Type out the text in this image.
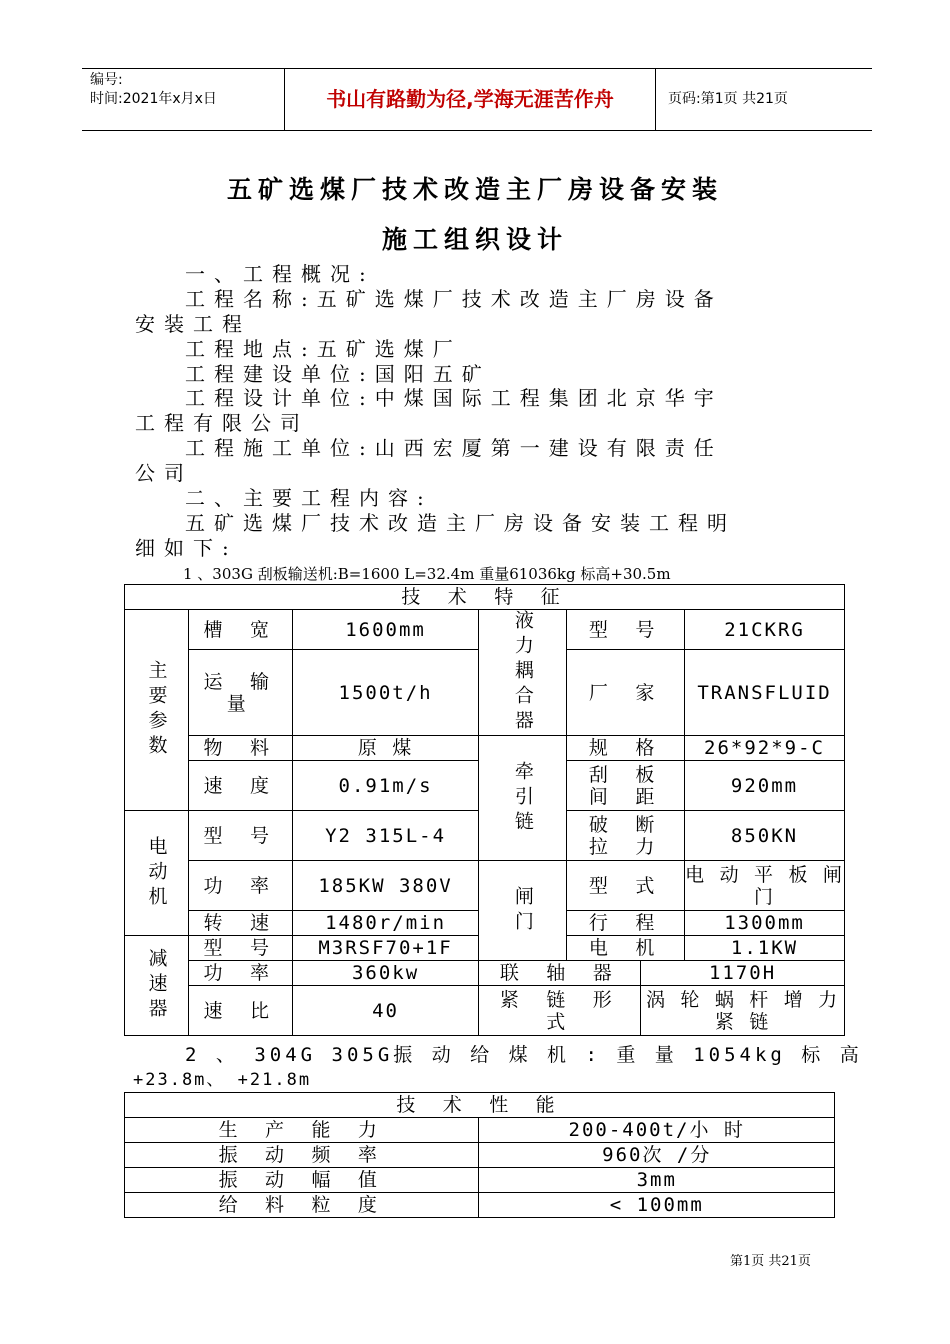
编号:
时间:2021年x月x日	书山有路勤为径,学海无涯苦作舟	页码:第1页 共21页
五矿选煤厂技术改造主厂房设备安装
施工组织设计
一、工程概况:
工程名称:五矿选煤厂技术改造主厂房设备
安装工程
工程地点:五矿选煤厂
工程建设单位:国阳五矿
工程设计单位:中煤国际工程集团北京华宇
工程有限公司
工程施工单位:山西宏厦第一建设有限责任
公司
二、主要工程内容:
五矿选煤厂技术改造主厂房设备安装工程明
细如下:
1 、303G 刮板输送机:B=1600 L=32.4m 重量61036kg 标高+30.5m
技 术 特 征						

主要参数	槽 宽	1600mm	液力耦合器	型 号		21CKRG
	运 输 量	1500t/h		厂 家		TRANSFLUID
	物 料	原 煤	牵引链	规 格		26*92*9-C
	速 度	0.91m/s		刮 板 间 距		920mm

电动机	型 号	Y2 315L-4		破 断 拉 力		850KN
	功 率	185KW 380V	闸门	型 式		电 动 平 板 闸 门
	转 速	1480r/min		行 程		1300mm

减速器	型 号	M3RSF70+1F		电 机		1.1KW
	功 率	360kw	联 轴 器		1170H	
	速 比	40	紧 链 形 式		涡 轮 蜗 杆 增 力 紧 链	
2 、 304G 305G振 动 给 煤 机 : 重 量 1054kg 标 高
+23.8m、 +21.8m
技 术 性 能	
生 产 能 力	200-400t/小 时
振 动 频 率	960次 /分
振 动 幅 值	3mm
给 料 粒 度	< 100mm
第1页 共21页
